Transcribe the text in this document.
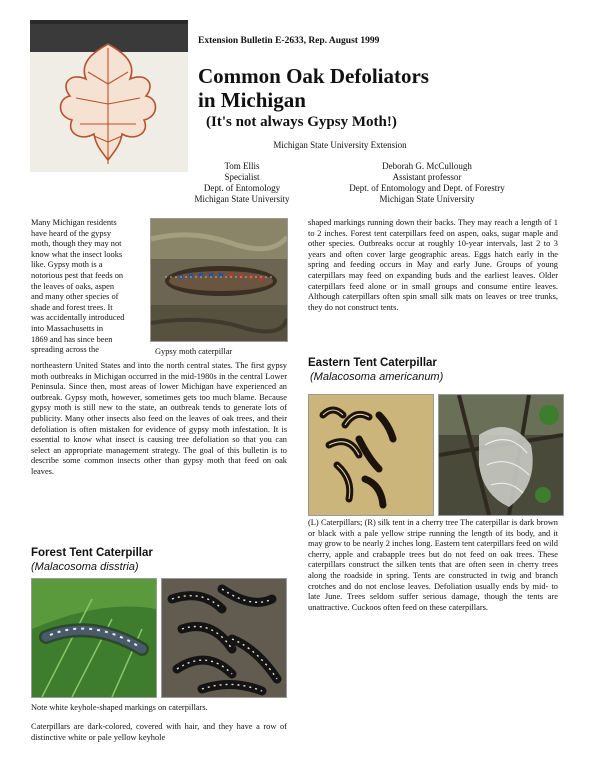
Extension Bulletin E-2633, Rep. August 1999
Common Oak Defoliators
in Michigan
(It's not always Gypsy Moth!)
Michigan State University Extension
Tom Ellis
Specialist
Dept. of Entomology
Michigan State University
Deborah G. McCullough
Assistant professor
Dept. of Entomology and Dept. of Forestry
Michigan State University
Many Michigan residents
have heard of the gypsy
moth, though they may not
know what the insect looks
like. Gypsy moth is a
notorious pest that feeds on
the leaves of oaks, aspen
and many other species of
shade and forest trees. It
was accidentally introduced
into Massachusetts in
1869 and has since been
spreading across the	Gypsy moth caterpillar
northeastern United States and into the north central states. The first gypsy moth outbreaks in Michigan occurred in the mid-1980s in the central Lower Peninsula. Since then, most areas of lower Michigan have experienced an outbreak. Gypsy moth, however, sometimes gets too much blame. Because gypsy moth is still new to the state, an outbreak tends to generate lots of publicity. Many other insects also feed on the leaves of oak trees, and their defoliation is often mistaken for evidence of gypsy moth infestation. It is essential to know what insect is causing tree defoliation so that you can select an appropriate management strategy. The goal of this bulletin is to describe some common insects other than gypsy moth that feed on oak leaves.
Forest Tent Caterpillar
(Malacosoma disstria)
Note white keyhole-shaped markings on caterpillars.
Caterpillars are dark-colored, covered with hair, and they have a row of distinctive white or pale yellow keyhole
shaped markings running down their backs. They may reach a length of 1 to 2 inches. Forest tent caterpillars feed on aspen, oaks, sugar maple and other species. Outbreaks occur at roughly 10-year intervals, last 2 to 3 years and often cover large geographic areas. Eggs hatch early in the spring and feeding occurs in May and early June. Groups of young caterpillars may feed on expanding buds and the earliest leaves. Older caterpillars feed alone or in small groups and consume entire leaves. Although caterpillars often spin small silk mats on leaves or tree trunks, they do not construct tents.
Eastern Tent Caterpillar
(Malacosoma americanum)
(L) Caterpillars; (R) silk tent in a cherry tree The caterpillar is dark brown or black with a pale yellow stripe running the length of its body, and it may grow to be nearly 2 inches long. Eastern tent caterpillars feed on wild cherry, apple and crabapple trees but do not feed on oak trees. These caterpillars construct the silken tents that are often seen in cherry trees along the roadside in spring. Tents are constructed in twig and branch crotches and do not enclose leaves. Defoliation usually ends by mid- to late June. Trees seldom suffer serious damage, though the tents are unattractive. Cuckoos often feed on these caterpillars.
